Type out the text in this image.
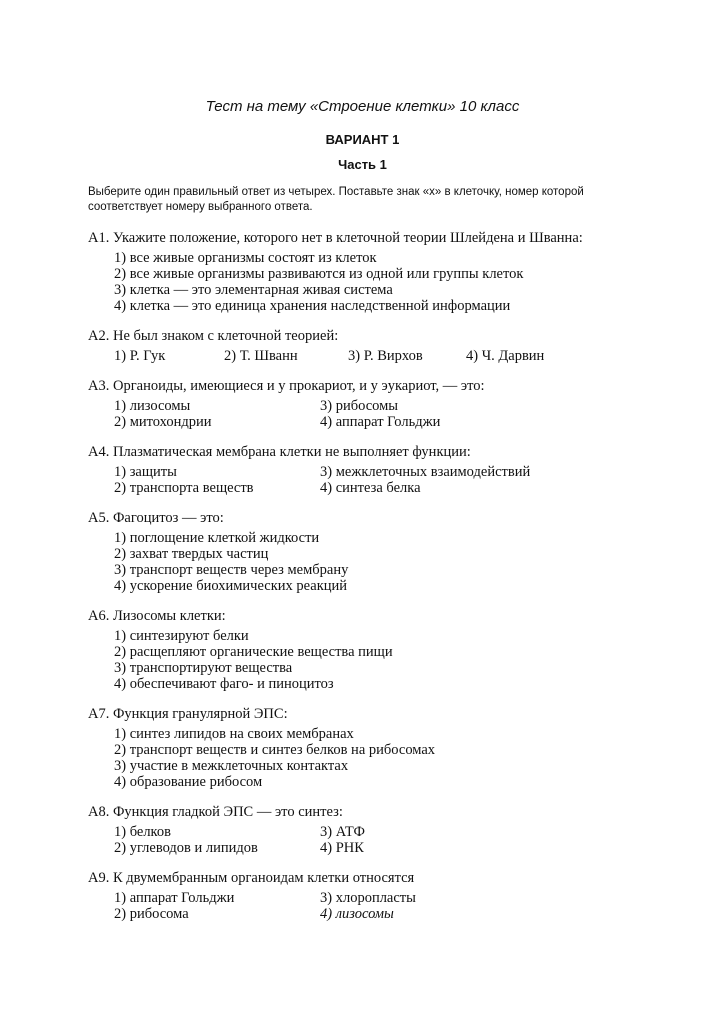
Тест на тему «Строение клетки» 10 класс
ВАРИАНТ 1
Часть 1
Выберите один правильный ответ из четырех. Поставьте знак «х» в клеточку, номер которой соответствует номеру выбранного ответа.
А1. Укажите положение, которого нет в клеточной теории Шлейдена и Шванна:
1) все живые организмы состоят из клеток
2) все живые организмы развиваются из одной или группы клеток
3) клетка — это элементарная живая система
4) клетка — это единица хранения наследственной информации
А2. Не был знаком с клеточной теорией:
1) Р. Гук	2) Т. Шванн	3) Р. Вирхов	4) Ч. Дарвин
А3. Органоиды, имеющиеся и у прокариот, и у эукариот, — это:
1) лизосомы	3) рибосомы
2) митохондрии	4) аппарат Гольджи
А4. Плазматическая мембрана клетки не выполняет функции:
1) защиты	3) межклеточных взаимодействий
2) транспорта веществ	4) синтеза белка
А5. Фагоцитоз — это:
1) поглощение клеткой жидкости
2) захват твердых частиц
3) транспорт веществ через мембрану
4) ускорение биохимических реакций
А6. Лизосомы клетки:
1) синтезируют белки
2) расщепляют органические вещества пищи
3) транспортируют вещества
4) обеспечивают фаго- и пиноцитоз
А7. Функция гранулярной ЭПС:
1) синтез липидов на своих мембранах
2) транспорт веществ и синтез белков на рибосомах
3) участие в межклеточных контактах
4) образование рибосом
А8. Функция гладкой ЭПС — это синтез:
1) белков	3) АТФ
2) углеводов и липидов	4) РНК
А9. К двумембранным органоидам клетки относятся
1) аппарат Гольджи	3) хлоропласты
2) рибосома	4) лизосомы
